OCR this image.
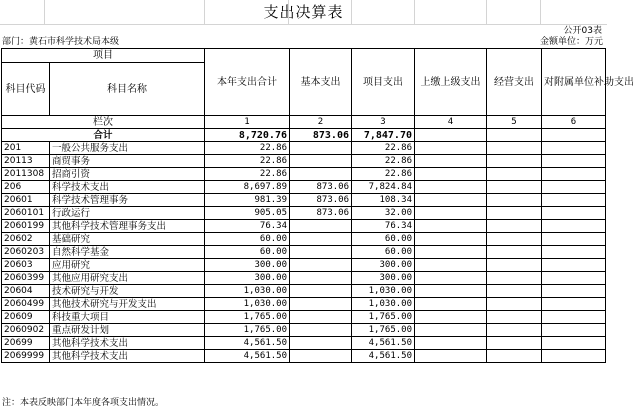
支出决算表
公开03表
部门：黄石市科学技术局本级	金额单位：万元
项目		本年支出合计	基本支出	项目支出	上缴上级支出	经营支出	对附属单位补助支出
科目代码	科目名称						

栏次		1	2	3	4	5	6
合计		8,720.76	873.06	7,847.70			
201	一般公共服务支出	22.86		22.86			
20113	商贸事务	22.86		22.86			
2011308	招商引资	22.86		22.86			
206	科学技术支出	8,697.89	873.06	7,824.84			
20601	科学技术管理事务	981.39	873.06	108.34			
2060101	行政运行	905.05	873.06	32.00			
2060199	其他科学技术管理事务支出	76.34		76.34			
20602	基础研究	60.00		60.00			
2060203	自然科学基金	60.00		60.00			
20603	应用研究	300.00		300.00			
2060399	其他应用研究支出	300.00		300.00			
20604	技术研究与开发	1,030.00		1,030.00			
2060499	其他技术研究与开发支出	1,030.00		1,030.00			
20609	科技重大项目	1,765.00		1,765.00			
2060902	重点研发计划	1,765.00		1,765.00			
20699	其他科学技术支出	4,561.50		4,561.50			
2069999	其他科学技术支出	4,561.50		4,561.50			
注：本表反映部门本年度各项支出情况。
